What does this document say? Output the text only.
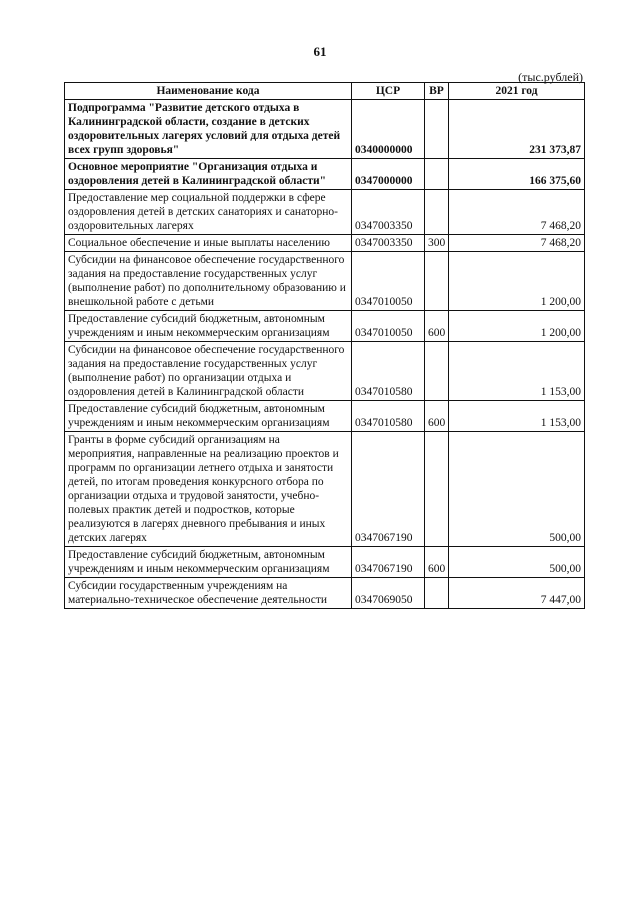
61
(тыс.рублей)
Наименование кода	ЦСР	ВР	2021 год
Подпрограмма "Развитие детского отдыха в Калининградской области, создание в детских оздоровительных лагерях условий для отдыха детей всех групп здоровья"	0340000000		231 373,87
Основное мероприятие "Организация отдыха и оздоровления детей в Калининградской области"	0347000000		166 375,60
Предоставление мер социальной поддержки в сфере оздоровления детей в детских санаториях и санаторно-оздоровительных лагерях	0347003350		7 468,20
Социальное обеспечение и иные выплаты населению	0347003350	300	7 468,20
Субсидии на финансовое обеспечение государственного задания на предоставление государственных услуг (выполнение работ) по дополнительному образованию и внешкольной работе с детьми	0347010050		1 200,00
Предоставление субсидий бюджетным, автономным учреждениям и иным некоммерческим организациям	0347010050	600	1 200,00
Субсидии на финансовое обеспечение государственного задания на предоставление государственных услуг (выполнение работ) по организации отдыха и оздоровления детей в Калининградской области	0347010580		1 153,00
Предоставление субсидий бюджетным, автономным учреждениям и иным некоммерческим организациям	0347010580	600	1 153,00
Гранты в форме субсидий организациям на мероприятия, направленные на реализацию проектов и программ по организации летнего отдыха и занятости детей, по итогам проведения конкурсного отбора по организации отдыха и трудовой занятости, учебно-полевых практик детей и подростков, которые реализуются в лагерях дневного пребывания и иных детских лагерях	0347067190		500,00
Предоставление субсидий бюджетным, автономным учреждениям и иным некоммерческим организациям	0347067190	600	500,00
Субсидии государственным учреждениям на материально-техническое обеспечение деятельности	0347069050		7 447,00
